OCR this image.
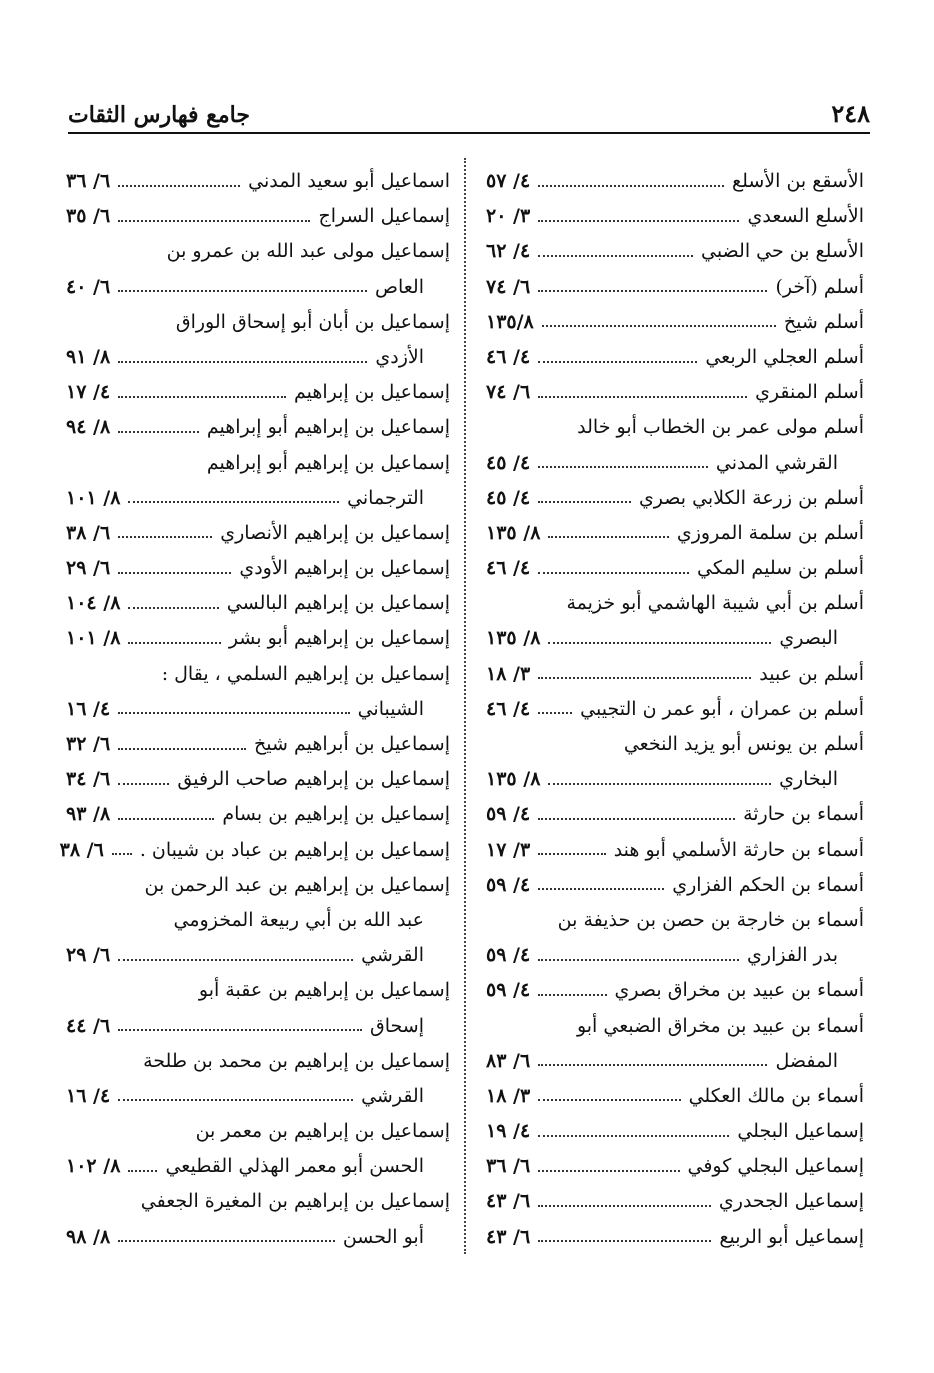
جامع فهارس الثقات	٢٤٨
الأسقع بن الأسلع
٤/ ٥٧
الأسلع السعدي
٣/ ٢٠
الأسلع بن حي الضبي
٤/ ٦٢
أسلم (آخر)
٦/ ٧٤
أسلم شيخ
١٣٥/٨
أسلم العجلي الربعي
٤/ ٤٦
أسلم المنقري
٦/ ٧٤
أسلم مولى عمر بن الخطاب أبو خالد
القرشي المدني
٤/ ٤٥
أسلم بن زرعة الكلابي بصري
٤/ ٤٥
أسلم بن سلمة المروزي
٨/ ١٣٥
أسلم بن سليم المكي
٤/ ٤٦
أسلم بن أبي شيبة الهاشمي أبو خزيمة
البصري
٨/ ١٣٥
أسلم بن عبيد
٣/ ١٨
أسلم بن عمران ، أبو عمر ن التجيبي
٤/ ٤٦
أسلم بن يونس أبو يزيد النخعي
البخاري
٨/ ١٣٥
أسماء بن حارثة
٤/ ٥٩
أسماء بن حارثة الأسلمي أبو هند
٣/ ١٧
أسماء بن الحكم الفزاري
٤/ ٥٩
أسماء بن خارجة بن حصن بن حذيفة بن
بدر الفزاري
٤/ ٥٩
أسماء بن عبيد بن مخراق بصري
٤/ ٥٩
أسماء بن عبيد بن مخراق الضبعي أبو
المفضل
٦/ ٨٣
أسماء بن مالك العكلي
٣/ ١٨
إسماعيل البجلي
٤/ ١٩
إسماعيل البجلي كوفي
٦/ ٣٦
إسماعيل الجحدري
٦/ ٤٣
إسماعيل أبو الربيع
٦/ ٤٣
اسماعيل أبو سعيد المدني
٦/ ٣٦
إسماعيل السراج
٦/ ٣٥
إسماعيل مولى عبد الله بن عمرو بن
العاص
٦/ ٤٠
إسماعيل بن أبان أبو إسحاق الوراق
الأزدي
٨/ ٩١
إسماعيل بن إبراهيم
٤/ ١٧
إسماعيل بن إبراهيم أبو إبراهيم
٨/ ٩٤
إسماعيل بن إبراهيم أبو إبراهيم
الترجماني
٨/ ١٠١
إسماعيل بن إبراهيم الأنصاري
٦/ ٣٨
إسماعيل بن إبراهيم الأودي
٦/ ٢٩
إسماعيل بن إبراهيم البالسي
٨/ ١٠٤
إسماعيل بن إبراهيم أبو بشر
٨/ ١٠١
إسماعيل بن إبراهيم السلمي ، يقال :
الشيباني
٤/ ١٦
إسماعيل بن أبراهيم شيخ
٦/ ٣٢
إسماعيل بن إبراهيم صاحب الرفيق
٦/ ٣٤
إسماعيل بن إبراهيم بن بسام
٨/ ٩٣
إسماعيل بن إبراهيم بن عباد بن شيبان .
٦/ ٣٨
إسماعيل بن إبراهيم بن عبد الرحمن بن
عبد الله بن أبي ربيعة المخزومي
القرشي
٦/ ٢٩
إسماعيل بن إبراهيم بن عقبة أبو
إسحاق
٦/ ٤٤
إسماعيل بن إبراهيم بن محمد بن طلحة
القرشي
٤/ ١٦
إسماعيل بن إبراهيم بن معمر بن
الحسن أبو معمر الهذلي القطيعي
٨/ ١٠٢
إسماعيل بن إبراهيم بن المغيرة الجعفي
أبو الحسن
٨/ ٩٨
